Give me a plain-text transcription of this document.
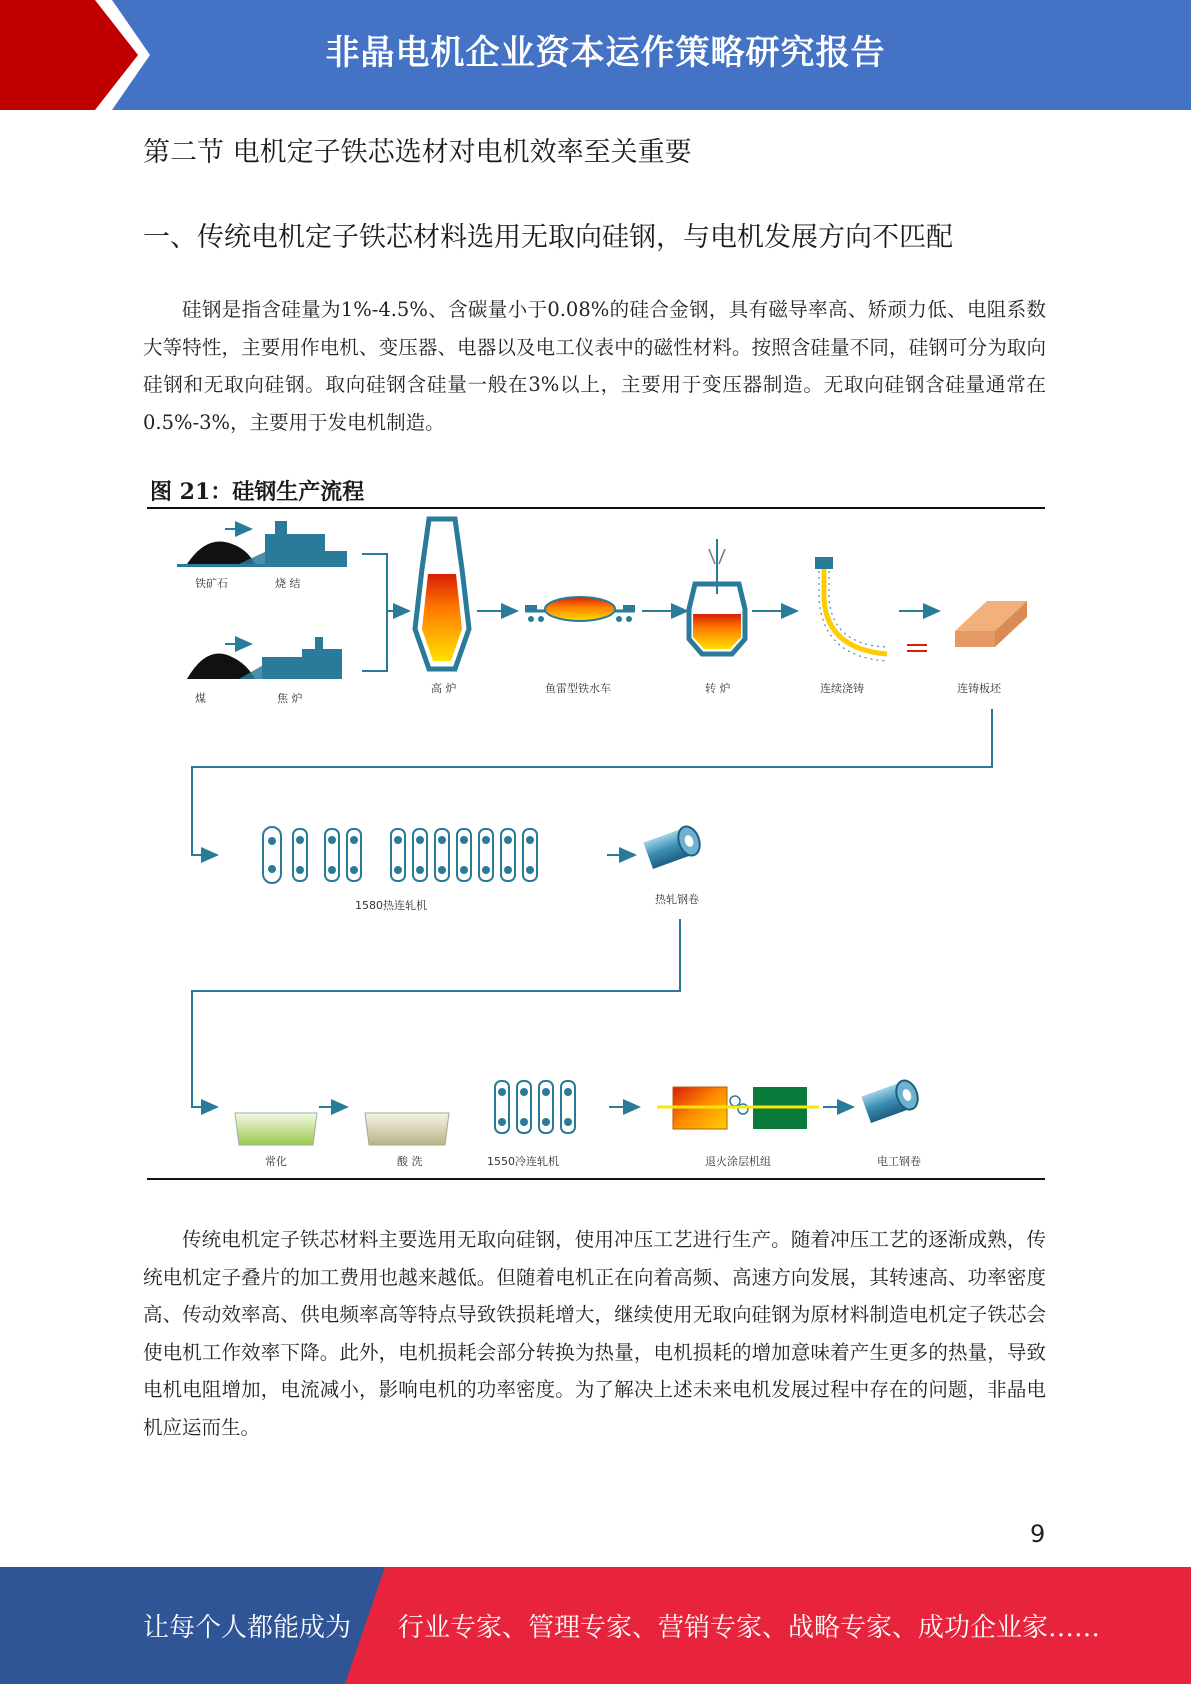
非晶电机企业资本运作策略研究报告
第二节 电机定子铁芯选材对电机效率至关重要
一、传统电机定子铁芯材料选用无取向硅钢，与电机发展方向不匹配

硅钢是指含硅量为1%-4.5%、含碳量小于0.08%的硅合金钢，具有磁导率高、矫顽力低、电阻系数大等特性，主要用作电机、变压器、电器以及电工仪表中的磁性材料。按照含硅量不同，硅钢可分为取向硅钢和无取向硅钢。取向硅钢含硅量一般在3%以上，主要用于变压器制造。无取向硅钢含硅量通常在0.5%-3%，主要用于发电机制造。

图 21：硅钢生产流程
铁矿石	烧 结
煤	焦 炉
高 炉	鱼雷型铁水车	转 炉	连续浇铸	连铸板坯
1580热连轧机	热轧钢卷
常化	酸 洗	1550冷连轧机	退火涂层机组	电工钢卷

传统电机定子铁芯材料主要选用无取向硅钢，使用冲压工艺进行生产。随着冲压工艺的逐渐成熟，传统电机定子叠片的加工费用也越来越低。但随着电机正在向着高频、高速方向发展，其转速高、功率密度高、传动效率高、供电频率高等特点导致铁损耗增大，继续使用无取向硅钢为原材料制造电机定子铁芯会使电机工作效率下降。此外，电机损耗会部分转换为热量，电机损耗的增加意味着产生更多的热量，导致电机电阻增加，电流减小，影响电机的功率密度。为了解决上述未来电机发展过程中存在的问题，非晶电机应运而生。

9
让每个人都能成为 行业专家、管理专家、营销专家、战略专家、成功企业家……
